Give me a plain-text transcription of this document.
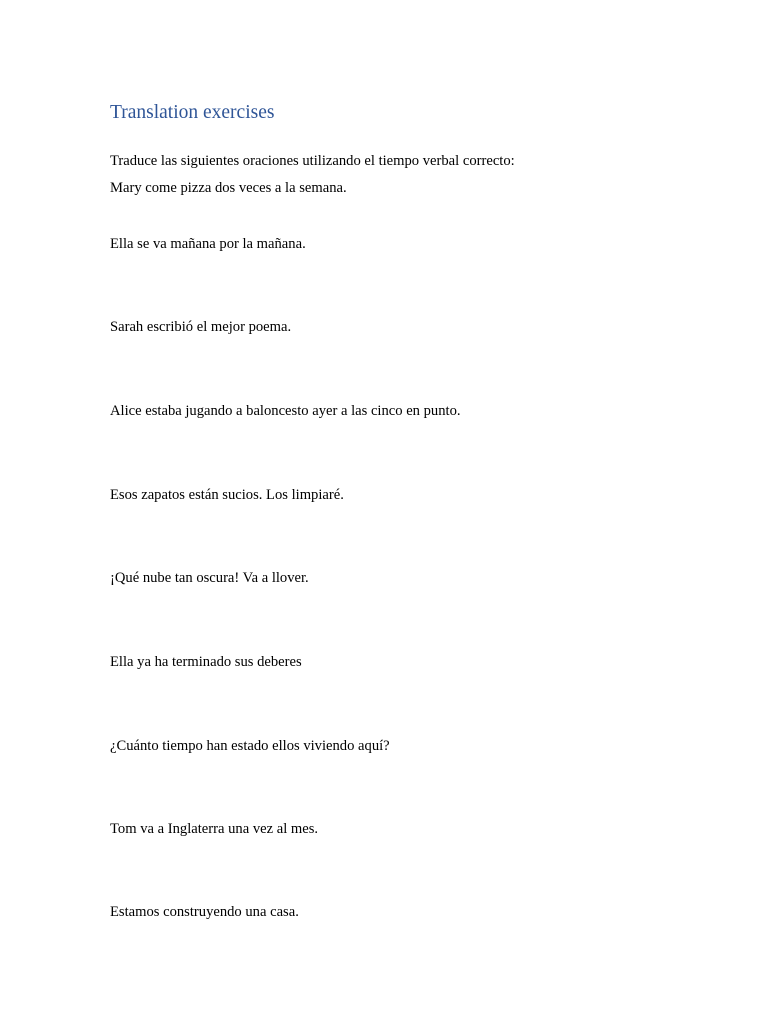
Translation exercises

Traduce las siguientes oraciones utilizando el tiempo verbal correcto:

Mary come pizza dos veces a la semana.

Ella se va mañana por la mañana.

Sarah escribió el mejor poema.

Alice estaba jugando a baloncesto ayer a las cinco en punto.

Esos zapatos están sucios. Los limpiaré.

¡Qué nube tan oscura! Va a llover.

Ella ya ha terminado sus deberes

¿Cuánto tiempo han estado ellos viviendo aquí?

Tom va a Inglaterra una vez al mes.

Estamos construyendo una casa.
